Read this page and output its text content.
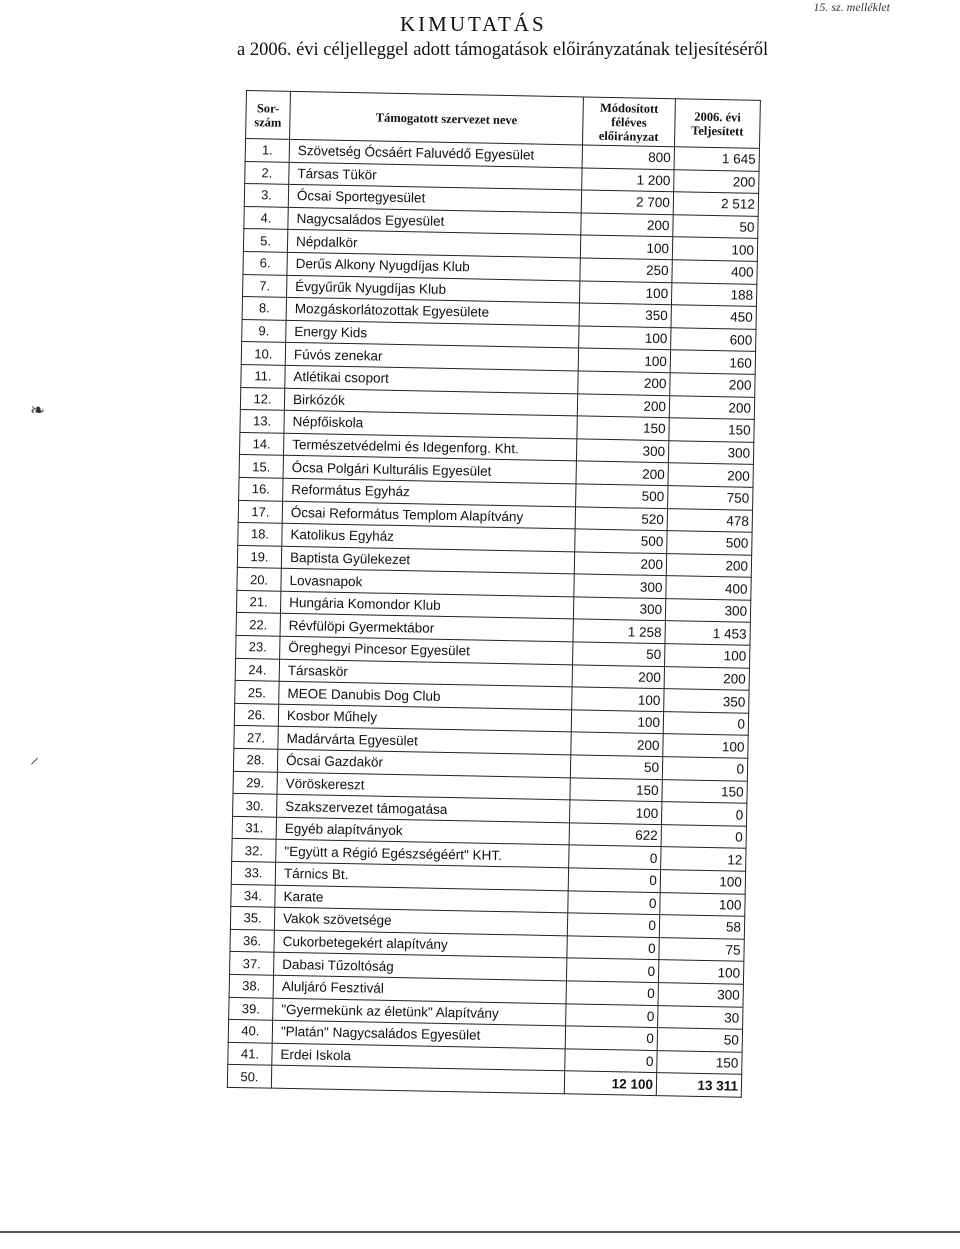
15. sz. melléklet
KIMUTATÁS
a 2006. évi céljelleggel adott támogatások előirányzatának teljesítéséről
❧
⸝
Sor-szám	Támogatott szervezet neve	Módosított féléves előirányzat	2006. évi Teljesített
1.	Szövetség Ócsáért Faluvédő Egyesület	800	1 645
2.	Társas Tükör	1 200	200
3.	Ócsai Sportegyesület	2 700	2 512
4.	Nagycsaládos Egyesület	200	50
5.	Népdalkör	100	100
6.	Derűs Alkony Nyugdíjas Klub	250	400
7.	Évgyűrűk Nyugdíjas Klub	100	188
8.	Mozgáskorlátozottak Egyesülete	350	450
9.	Energy Kids	100	600
10.	Fúvós zenekar	100	160
11.	Atlétikai csoport	200	200
12.	Birkózók	200	200
13.	Népfőiskola	150	150
14.	Természetvédelmi és Idegenforg. Kht.	300	300
15.	Ócsa Polgári Kulturális Egyesület	200	200
16.	Református Egyház	500	750
17.	Ócsai Református Templom Alapítvány	520	478
18.	Katolikus Egyház	500	500
19.	Baptista Gyülekezet	200	200
20.	Lovasnapok	300	400
21.	Hungária Komondor Klub	300	300
22.	Révfülöpi Gyermektábor	1 258	1 453
23.	Öreghegyi Pincesor Egyesület	50	100
24.	Társaskör	200	200
25.	MEOE Danubis Dog Club	100	350
26.	Kosbor Műhely	100	0
27.	Madárvárta Egyesület	200	100
28.	Ócsai Gazdakör	50	0
29.	Vöröskereszt	150	150
30.	Szakszervezet támogatása	100	0
31.	Egyéb alapítványok	622	0
32.	"Együtt a Régió Egészségéért" KHT.	0	12
33.	Tárnics Bt.	0	100
34.	Karate	0	100
35.	Vakok szövetsége	0	58
36.	Cukorbetegekért alapítvány	0	75
37.	Dabasi Tűzoltóság	0	100
38.	Aluljáró Fesztivál	0	300
39.	"Gyermekünk az életünk" Alapítvány	0	30
40.	"Platán" Nagycsaládos Egyesület	0	50
41.	Erdei Iskola	0	150
50.		12 100	13 311
